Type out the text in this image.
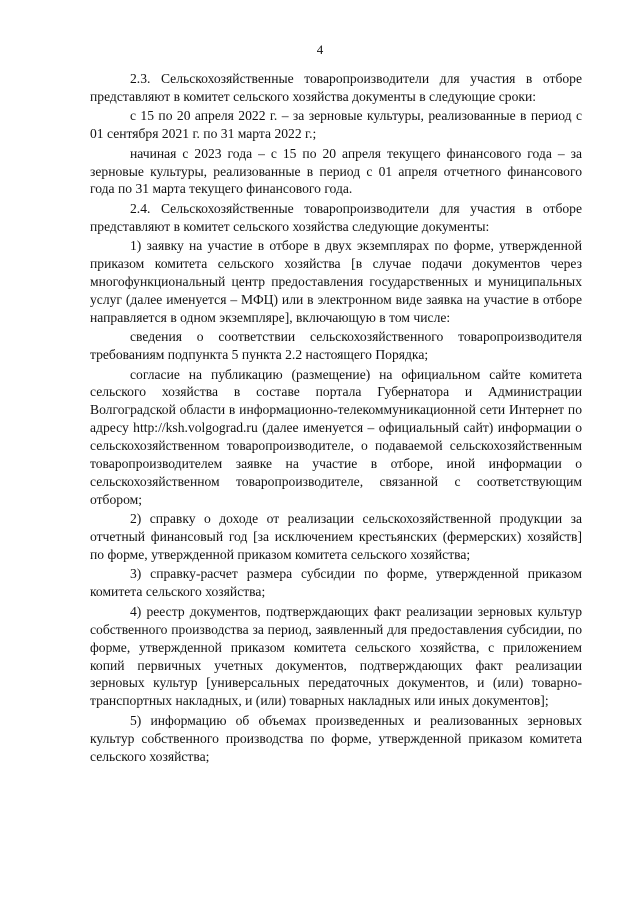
4

2.3. Сельскохозяйственные товаропроизводители для участия в отборе представляют в комитет сельского хозяйства документы в следующие сроки:

с 15 по 20 апреля 2022 г. – за зерновые культуры, реализованные в период с 01 сентября 2021 г. по 31 марта 2022 г.;

начиная с 2023 года – с 15 по 20 апреля текущего финансового года – за зерновые культуры, реализованные в период с 01 апреля отчетного финансового года по 31 марта текущего финансового года.

2.4. Сельскохозяйственные товаропроизводители для участия в отборе представляют в комитет сельского хозяйства следующие документы:

1) заявку на участие в отборе в двух экземплярах по форме, утвержденной приказом комитета сельского хозяйства [в случае подачи документов через многофункциональный центр предоставления государственных и муниципальных услуг (далее именуется – МФЦ) или в электронном виде заявка на участие в отборе направляется в одном экземпляре], включающую в том числе:

сведения о соответствии сельскохозяйственного товаропроизводителя требованиям подпункта 5 пункта 2.2 настоящего Порядка;

согласие на публикацию (размещение) на официальном сайте комитета сельского хозяйства в составе портала Губернатора и Администрации Волгоградской области в информационно-телекоммуникационной сети Интернет по адресу http://ksh.volgograd.ru (далее именуется – официальный сайт) информации о сельскохозяйственном товаропроизводителе, о подаваемой сельскохозяйственным товаропроизводителем заявке на участие в отборе, иной информации о сельскохозяйственном товаропроизводителе, связанной с соответствующим отбором;

2) справку о доходе от реализации сельскохозяйственной продукции за отчетный финансовый год [за исключением крестьянских (фермерских) хозяйств] по форме, утвержденной приказом комитета сельского хозяйства;

3) справку-расчет размера субсидии по форме, утвержденной приказом комитета сельского хозяйства;

4) реестр документов, подтверждающих факт реализации зерновых культур собственного производства за период, заявленный для предоставления субсидии, по форме, утвержденной приказом комитета сельского хозяйства, с приложением копий первичных учетных документов, подтверждающих факт реализации зерновых культур [универсальных передаточных документов, и (или) товарно-транспортных накладных, и (или) товарных накладных или иных документов];

5) информацию об объемах произведенных и реализованных зерновых культур собственного производства по форме, утвержденной приказом комитета сельского хозяйства;
